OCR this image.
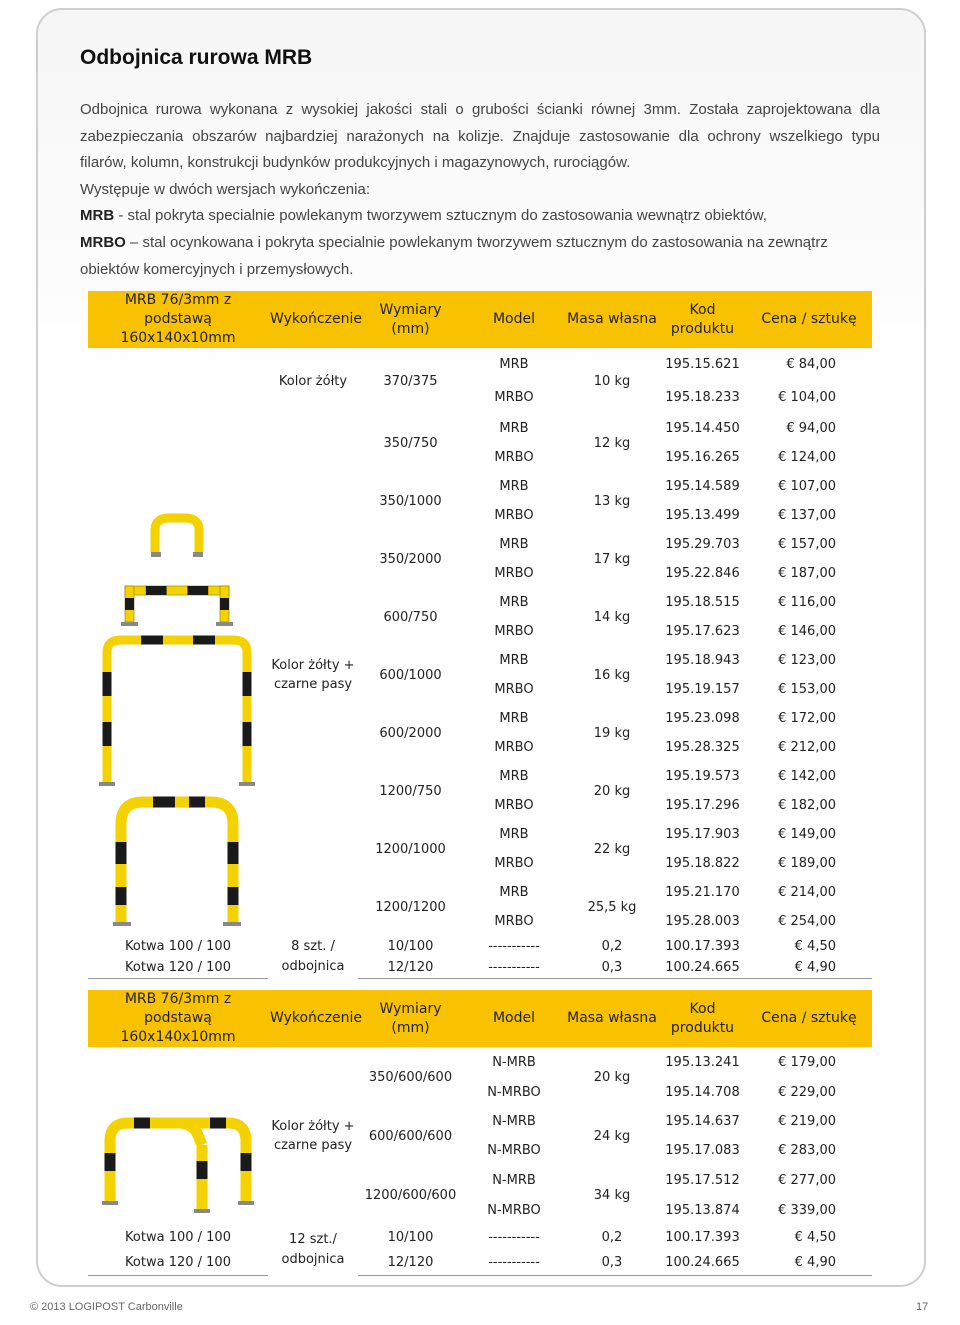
Odbojnica rurowa MRB

Odbojnica rurowa wykonana z wysokiej jakości stali o grubości ścianki równej 3mm. Została zaprojektowana dla zabezpieczania obszarów najbardziej narażonych na kolizje. Znajduje zastosowanie dla ochrony wszelkiego typu filarów, kolumn, konstrukcji budynków produkcyjnych i magazynowych, rurociągów.

Występuje w dwóch wersjach wykończenia:

MRB - stal pokryta specialnie powlekanym tworzywem sztucznym do zastosowania wewnątrz obiektów,

MRBO – stal ocynkowana i pokryta specialnie powlekanym tworzywem sztucznym do zastosowania na zewnątrz obiektów komercyjnych i przemysłowych.

MRB 76/3mm z podstawą 160x140x10mm	Wykończenie	Wymiary (mm)	Model	Masa własna	Kod produktu	Cena / sztukę
	Kolor żółty	370/375	MRB	10 kg	195.15.621	€ 84,00
			MRBO		195.18.233	€ 104,00
	Kolor żółty + czarne pasy	350/750	MRB	12 kg	195.14.450	€ 94,00
			MRBO		195.16.265	€ 124,00
		350/1000	MRB	13 kg	195.14.589	€ 107,00
			MRBO		195.13.499	€ 137,00
		350/2000	MRB	17 kg	195.29.703	€ 157,00
			MRBO		195.22.846	€ 187,00
		600/750	MRB	14 kg	195.18.515	€ 116,00
			MRBO		195.17.623	€ 146,00
		600/1000	MRB	16 kg	195.18.943	€ 123,00
			MRBO		195.19.157	€ 153,00
		600/2000	MRB	19 kg	195.23.098	€ 172,00
			MRBO		195.28.325	€ 212,00
		1200/750	MRB	20 kg	195.19.573	€ 142,00
			MRBO		195.17.296	€ 182,00
		1200/1000	MRB	22 kg	195.17.903	€ 149,00
			MRBO		195.18.822	€ 189,00
		1200/1200	MRB	25,5 kg	195.21.170	€ 214,00
			MRBO		195.28.003	€ 254,00
Kotwa 100 / 100	8 szt. / odbojnica	10/100	-----------	0,2	100.17.393	€ 4,50
Kotwa 120 / 100		12/120	-----------	0,3	100.24.665	€ 4,90
MRB 76/3mm z podstawą 160x140x10mm	Wykończenie	Wymiary (mm)	Model	Masa własna	Kod produktu	Cena / sztukę
	Kolor żółty + czarne pasy	350/600/600	N-MRB	20 kg	195.13.241	€ 179,00
			N-MRBO		195.14.708	€ 229,00
		600/600/600	N-MRB	24 kg	195.14.637	€ 219,00
			N-MRBO		195.17.083	€ 283,00
		1200/600/600	N-MRB	34 kg	195.17.512	€ 277,00
			N-MRBO		195.13.874	€ 339,00
Kotwa 100 / 100	12 szt./ odbojnica	10/100	-----------	0,2	100.17.393	€ 4,50
Kotwa 120 / 100		12/120	-----------	0,3	100.24.665	€ 4,90
© 2013 LOGIPOST Carbonville	17
